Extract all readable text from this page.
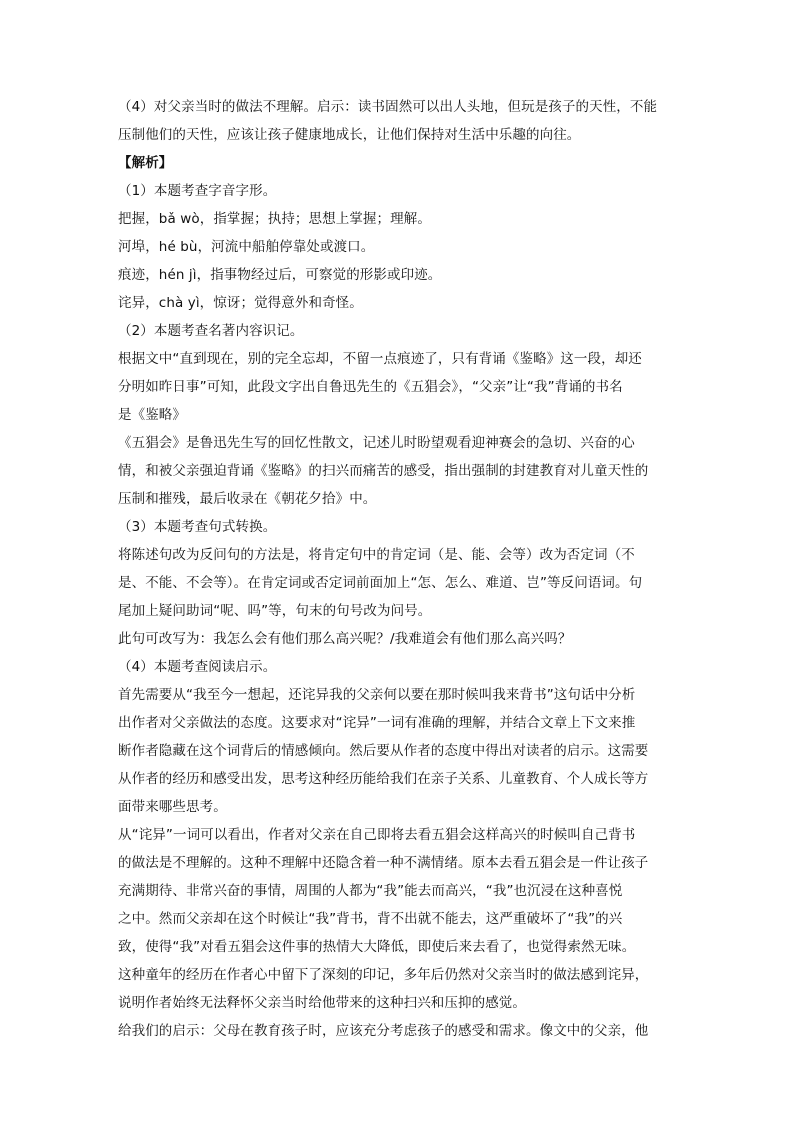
（4）对父亲当时的做法不理解。启示：读书固然可以出人头地，但玩是孩子的天性，不能
压制他们的天性，应该让孩子健康地成长，让他们保持对生活中乐趣的向往。
【解析】
（1）本题考查字音字形。
把握，bǎ wò，指掌握；执持；思想上掌握；理解。
河埠，hé bù，河流中船舶停靠处或渡口。
痕迹，hén jì，指事物经过后，可察觉的形影或印迹。
诧异，chà yì，惊讶；觉得意外和奇怪。
（2）本题考查名著内容识记。
根据文中“直到现在，别的完全忘却，不留一点痕迹了，只有背诵《鉴略》这一段，却还
分明如昨日事”可知，此段文字出自鲁迅先生的《五猖会》，“父亲”让“我”背诵的书名
是《鉴略》
《五猖会》是鲁迅先生写的回忆性散文，记述儿时盼望观看迎神赛会的急切、兴奋的心
情，和被父亲强迫背诵《鉴略》的扫兴而痛苦的感受，指出强制的封建教育对儿童天性的
压制和摧残，最后收录在《朝花夕拾》中。
（3）本题考查句式转换。
将陈述句改为反问句的方法是，将肯定句中的肯定词（是、能、会等）改为否定词（不
是、不能、不会等）。在肯定词或否定词前面加上“怎、怎么、难道、岂”等反问语词。句
尾加上疑问助词“呢、吗”等，句末的句号改为问号。
此句可改写为：我怎么会有他们那么高兴呢？/我难道会有他们那么高兴吗？
（4）本题考查阅读启示。
首先需要从“我至今一想起，还诧异我的父亲何以要在那时候叫我来背书”这句话中分析
出作者对父亲做法的态度。这要求对“诧异”一词有准确的理解，并结合文章上下文来推
断作者隐藏在这个词背后的情感倾向。然后要从作者的态度中得出对读者的启示。这需要
从作者的经历和感受出发，思考这种经历能给我们在亲子关系、儿童教育、个人成长等方
面带来哪些思考。
从“诧异”一词可以看出，作者对父亲在自己即将去看五猖会这样高兴的时候叫自己背书
的做法是不理解的。这种不理解中还隐含着一种不满情绪。原本去看五猖会是一件让孩子
充满期待、非常兴奋的事情，周围的人都为“我”能去而高兴，“我”也沉浸在这种喜悦
之中。然而父亲却在这个时候让“我”背书，背不出就不能去，这严重破坏了“我”的兴
致，使得“我”对看五猖会这件事的热情大大降低，即使后来去看了，也觉得索然无味。
这种童年的经历在作者心中留下了深刻的印记，多年后仍然对父亲当时的做法感到诧异，
说明作者始终无法释怀父亲当时给他带来的这种扫兴和压抑的感觉。
给我们的启示：父母在教育孩子时，应该充分考虑孩子的感受和需求。像文中的父亲，他
